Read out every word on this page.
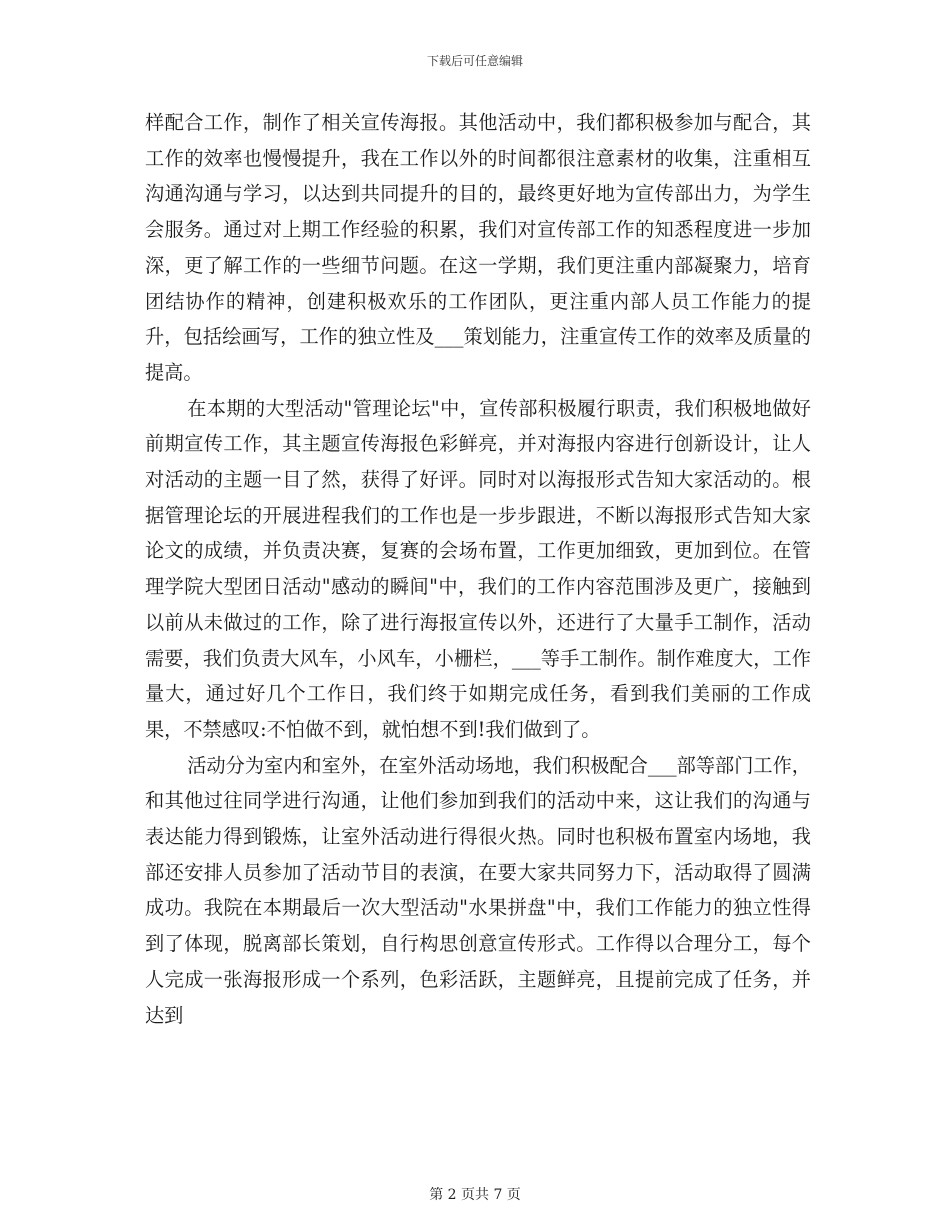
下载后可任意编辑

样配合工作，制作了相关宣传海报。其他活动中，我们都积极参加与配合，其工作的效率也慢慢提升，我在工作以外的时间都很注意素材的收集，注重相互沟通沟通与学习，以达到共同提升的目的，最终更好地为宣传部出力，为学生会服务。通过对上期工作经验的积累，我们对宣传部工作的知悉程度进一步加深，更了解工作的一些细节问题。在这一学期，我们更注重内部凝聚力，培育团结协作的精神，创建积极欢乐的工作团队，更注重内部人员工作能力的提升，包括绘画写，工作的独立性及___策划能力，注重宣传工作的效率及质量的提高。

在本期的大型活动"管理论坛"中，宣传部积极履行职责，我们积极地做好前期宣传工作，其主题宣传海报色彩鲜亮，并对海报内容进行创新设计，让人对活动的主题一目了然，获得了好评。同时对以海报形式告知大家活动的。根据管理论坛的开展进程我们的工作也是一步步跟进，不断以海报形式告知大家论文的成绩，并负责决赛，复赛的会场布置，工作更加细致，更加到位。在管理学院大型团日活动"感动的瞬间"中，我们的工作内容范围涉及更广，接触到以前从未做过的工作，除了进行海报宣传以外，还进行了大量手工制作，活动需要，我们负责大风车，小风车，小栅栏，___等手工制作。制作难度大，工作量大，通过好几个工作日，我们终于如期完成任务，看到我们美丽的工作成果，不禁感叹:不怕做不到，就怕想不到!我们做到了。

活动分为室内和室外，在室外活动场地，我们积极配合___部等部门工作，和其他过往同学进行沟通，让他们参加到我们的活动中来，这让我们的沟通与表达能力得到锻炼，让室外活动进行得很火热。同时也积极布置室内场地，我部还安排人员参加了活动节目的表演，在要大家共同努力下，活动取得了圆满成功。我院在本期最后一次大型活动"水果拼盘"中，我们工作能力的独立性得到了体现，脱离部长策划，自行构思创意宣传形式。工作得以合理分工，每个人完成一张海报形成一个系列，色彩活跃，主题鲜亮，且提前完成了任务，并达到

第 2 页共 7 页
